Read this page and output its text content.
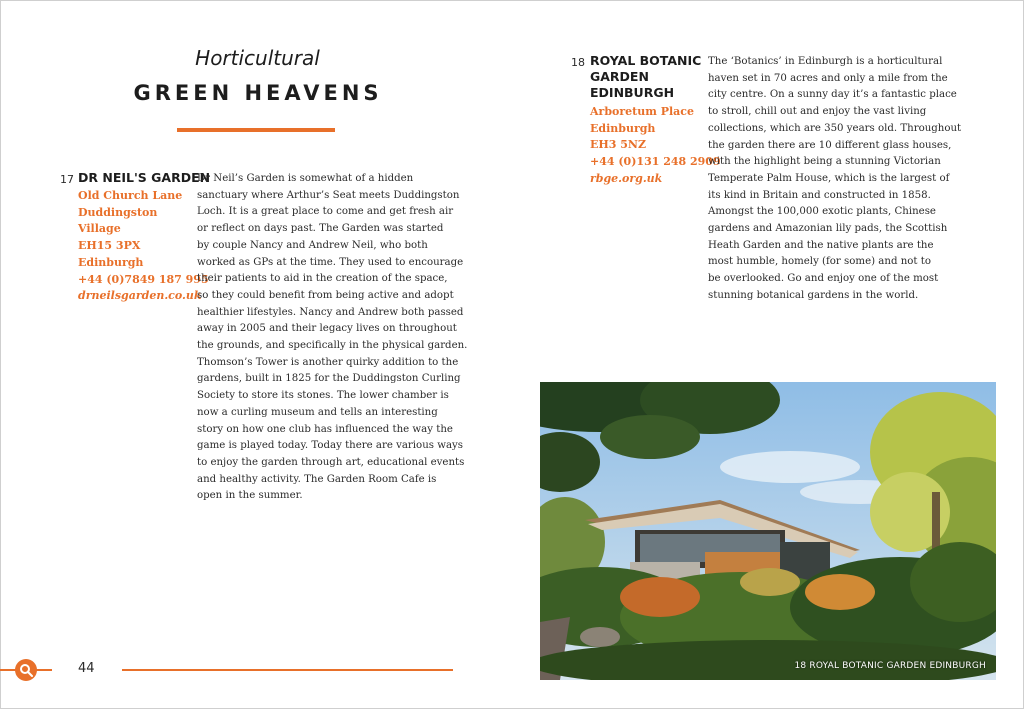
Horticultural
GREEN HEAVENS
17 DR NEIL'S GARDEN
Old Church Lane
Duddingston
Village
EH15 3PX
Edinburgh
+44 (0)7849 187 995
drneilsgarden.co.uk
Dr Neil’s Garden is somewhat of a hidden
sanctuary where Arthur’s Seat meets Duddingston
Loch. It is a great place to come and get fresh air
or reflect on days past. The Garden was started
by couple Nancy and Andrew Neil, who both
worked as GPs at the time. They used to encourage
their patients to aid in the creation of the space,
so they could benefit from being active and adopt
healthier lifestyles. Nancy and Andrew both passed
away in 2005 and their legacy lives on throughout
the grounds, and specifically in the physical garden.
Thomson’s Tower is another quirky addition to the
gardens, built in 1825 for the Duddingston Curling
Society to store its stones. The lower chamber is
now a curling museum and tells an interesting
story on how one club has influenced the way the
game is played today. Today there are various ways
to enjoy the garden through art, educational events
and healthy activity. The Garden Room Cafe is
open in the summer.
18 ROYAL BOTANIC
GARDEN
EDINBURGH
Arboretum Place
Edinburgh
EH3 5NZ
+44 (0)131 248 2909
rbge.org.uk
The ‘Botanics’ in Edinburgh is a horticultural
haven set in 70 acres and only a mile from the
city centre. On a sunny day it’s a fantastic place
to stroll, chill out and enjoy the vast living
collections, which are 350 years old. Throughout
the garden there are 10 different glass houses,
with the highlight being a stunning Victorian
Temperate Palm House, which is the largest of
its kind in Britain and constructed in 1858.
Amongst the 100,000 exotic plants, Chinese
gardens and Amazonian lily pads, the Scottish
Heath Garden and the native plants are the
most humble, homely (for some) and not to
be overlooked. Go and enjoy one of the most
stunning botanical gardens in the world.
18 ROYAL BOTANIC GARDEN EDINBURGH
44
